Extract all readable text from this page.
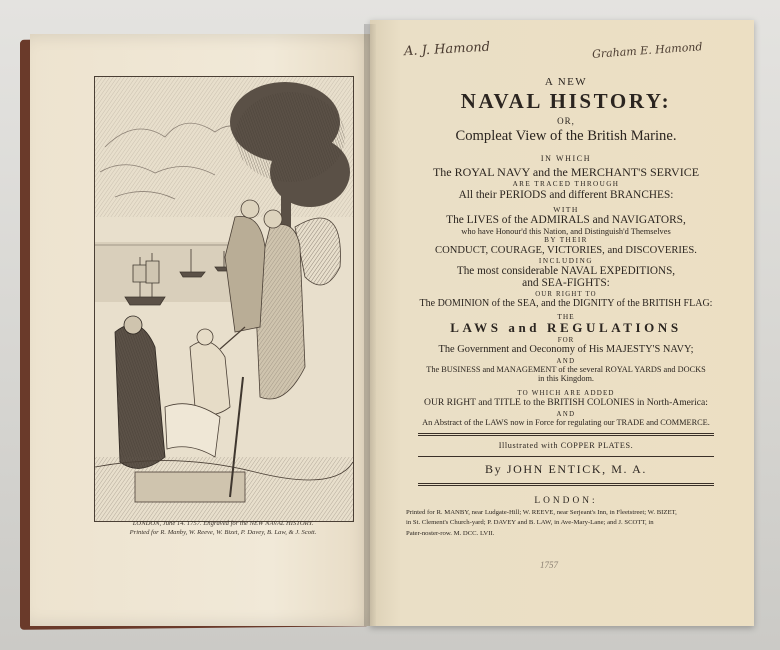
LONDON, June 14. 1757. Engraved for the NEW NAVAL HISTORY.
Printed for R. Manby, W. Reeve, W. Bizet, P. Davey, B. Law, & J. Scott.
A. J. Hamond	Graham E. Hamond
A NEW
NAVAL HISTORY:
OR,
Compleat View of the British Marine.
IN WHICH
The ROYAL NAVY and the MERCHANT'S SERVICE
ARE TRACED THROUGH
All their PERIODS and different BRANCHES:
WITH
The LIVES of the ADMIRALS and NAVIGATORS,
who have Honour'd this Nation, and Distinguish'd Themselves
BY THEIR
CONDUCT, COURAGE, VICTORIES, and DISCOVERIES.
INCLUDING
The most considerable NAVAL EXPEDITIONS,
and SEA-FIGHTS:
OUR RIGHT TO
The DOMINION of the SEA, and the DIGNITY of the BRITISH FLAG:
THE
LAWS and REGULATIONS
FOR
The Government and Oeconomy of His MAJESTY'S NAVY;
AND
The BUSINESS and MANAGEMENT of the several ROYAL YARDS and DOCKS
in this Kingdom.
TO WHICH ARE ADDED
OUR RIGHT and TITLE to the BRITISH COLONIES in North-America:
AND
An Abstract of the LAWS now in Force for regulating our TRADE and COMMERCE.
Illustrated with COPPER PLATES.
By JOHN ENTICK, M. A.
LONDON:
Printed for R. MANBY, near Ludgate-Hill; W. REEVE, near Serjeant's Inn, in Fleetstreet; W. BIZET,
in St. Clement's Church-yard; P. DAVEY and B. LAW, in Ave-Mary-Lane; and J. SCOTT, in
Pater-noster-row. M. DCC. LVII.
1757
